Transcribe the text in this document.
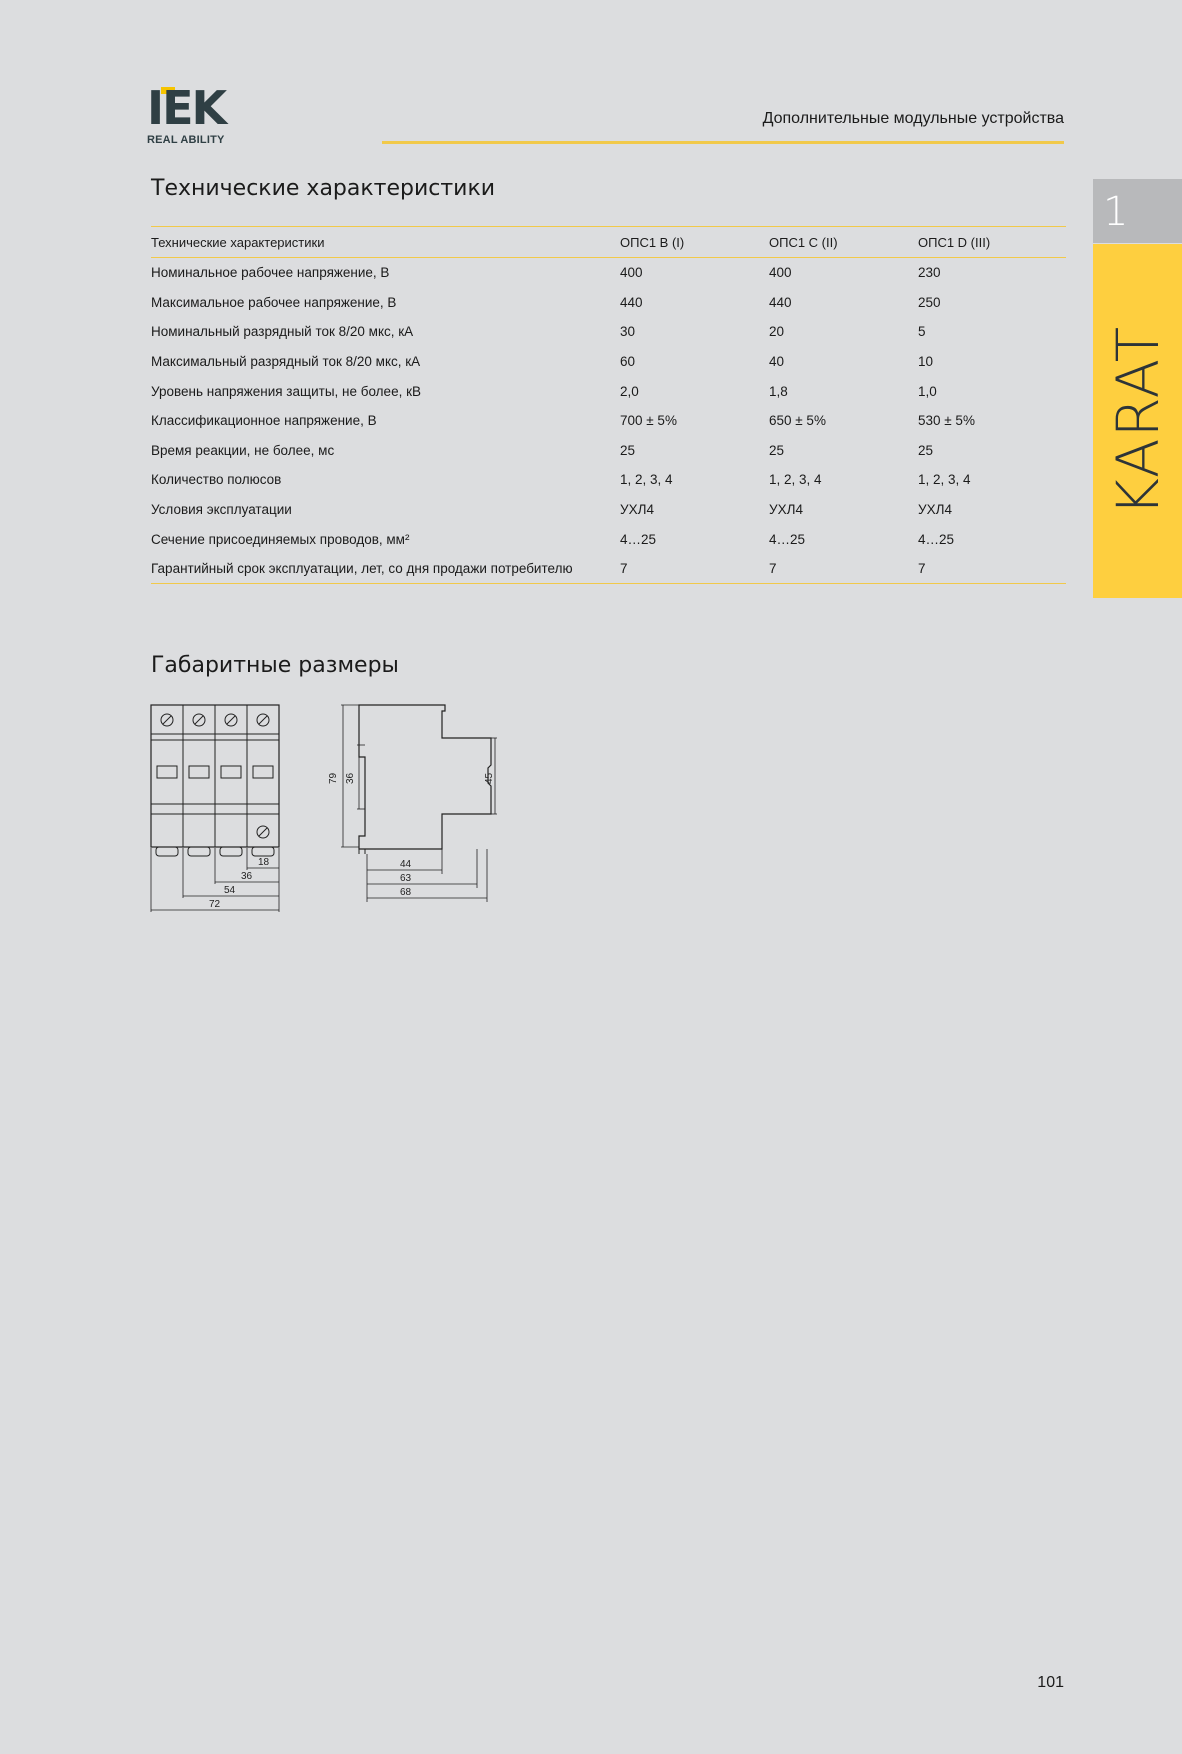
IEK
REAL ABILITY
Дополнительные модульные устройства
1
KARAT
Технические характеристики
Технические характеристики	ОПС1 B (I)	ОПС1 C (II)	ОПС1 D (III)
Номинальное рабочее напряжение, В	400	400	230
Максимальное рабочее напряжение, В	440	440	250
Номинальный разрядный ток 8/20 мкс, кА	30	20	5
Максимальный разрядный ток 8/20 мкс, кА	60	40	10
Уровень напряжения защиты, не более, кВ	2,0	1,8	1,0
Классификационное напряжение, В	700 ± 5%	650 ± 5%	530 ± 5%
Время реакции, не более, мс	25	25	25
Количество полюсов	1, 2, 3, 4	1, 2, 3, 4	1, 2, 3, 4
Условия эксплуатации	УХЛ4	УХЛ4	УХЛ4
Сечение присоединяемых проводов, мм²	4…25	4…25	4…25
Гарантийный срок эксплуатации, лет, со дня продажи потребителю	7	7	7
Габаритные размеры
18
36
54
72
79 36	45
44
63
68
101
